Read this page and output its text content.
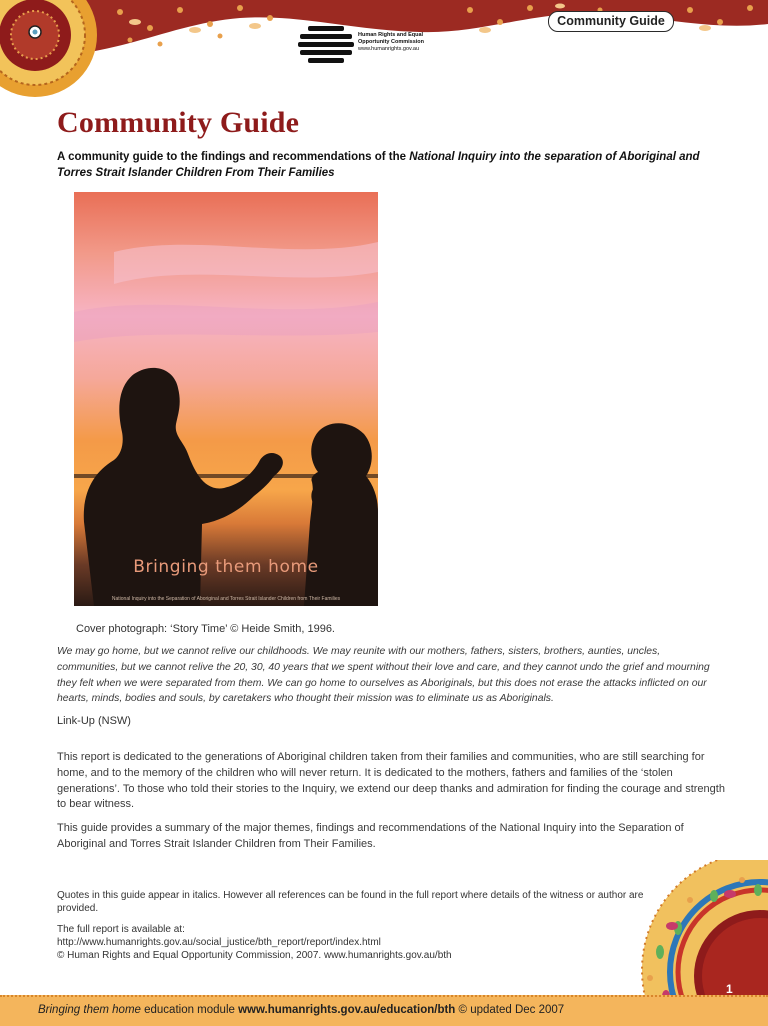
Community Guide
Human Rights and Equal
Opportunity Commission
www.humanrights.gov.au
Community Guide
A community guide to the findings and recommendations of the National Inquiry into the separation of Aboriginal and Torres Strait Islander Children From Their Families
Bringing them home
National Inquiry into the Separation of Aboriginal and Torres Strait Islander Children from Their Families
Cover photograph: ‘Story Time’ © Heide Smith, 1996.
We may go home, but we cannot relive our childhoods. We may reunite with our mothers, fathers, sisters, brothers, aunties, uncles, communities, but we cannot relive the 20, 30, 40 years that we spent without their love and care, and they cannot undo the grief and mourning they felt when we were separated from them. We can go home to ourselves as Aboriginals, but this does not erase the attacks inflicted on our hearts, minds, bodies and souls, by caretakers who thought their mission was to eliminate us as Aboriginals.
Link-Up (NSW)
This report is dedicated to the generations of Aboriginal children taken from their families and communities, who are still searching for home, and to the memory of the children who will never return. It is dedicated to the mothers, fathers and families of the ‘stolen generations’. To those who told their stories to the Inquiry, we extend our deep thanks and admiration for finding the courage and strength to bear witness.
This guide provides a summary of the major themes, findings and recommendations of the National Inquiry into the Separation of Aboriginal and Torres Strait Islander Children from Their Families.
Quotes in this guide appear in italics. However all references can be found in the full report where details of the witness or author are provided.
The full report is available at:
http://www.humanrights.gov.au/social_justice/bth_report/report/index.html
© Human Rights and Equal Opportunity Commission, 2007. www.humanrights.gov.au/bth
Bringing them home education module www.humanrights.gov.au/education/bth © updated Dec 2007
1
